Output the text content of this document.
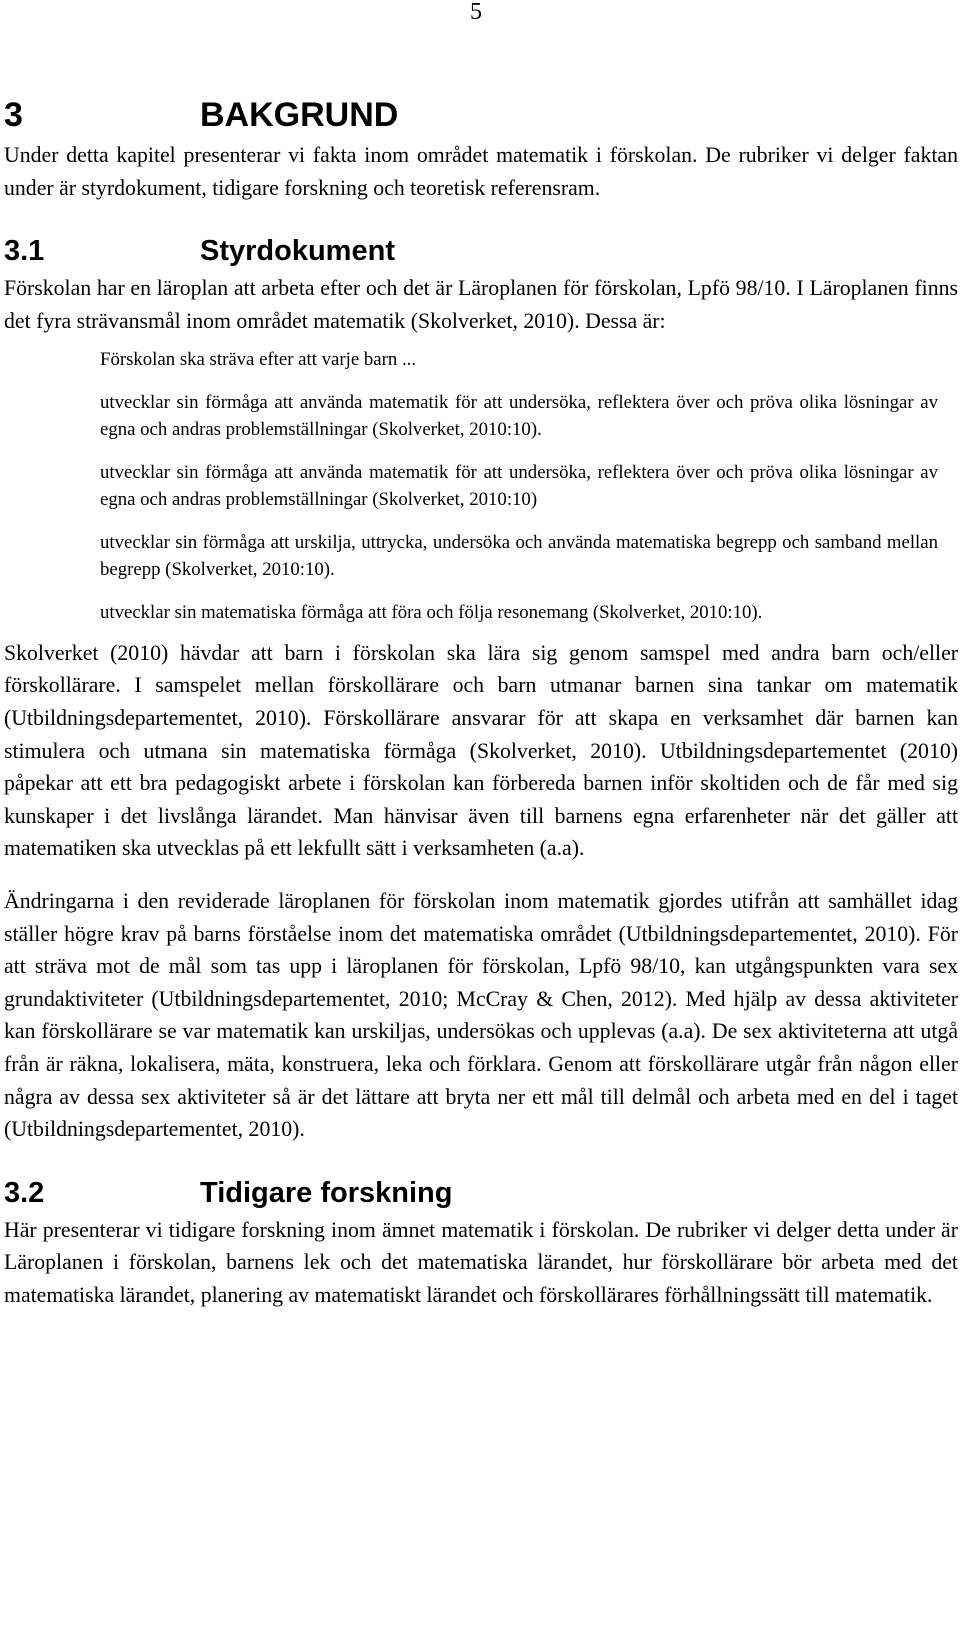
5
3	BAKGRUND

Under detta kapitel presenterar vi fakta inom området matematik i förskolan. De rubriker vi delger faktan under är styrdokument, tidigare forskning och teoretisk referensram.

3.1	Styrdokument

Förskolan har en läroplan att arbeta efter och det är Läroplanen för förskolan, Lpfö 98/10. I Läroplanen finns det fyra strävansmål inom området matematik (Skolverket, 2010). Dessa är:

Förskolan ska sträva efter att varje barn ...

utvecklar sin förmåga att använda matematik för att undersöka, reflektera över och pröva olika lösningar av egna och andras problemställningar (Skolverket, 2010:10).

utvecklar sin förmåga att använda matematik för att undersöka, reflektera över och pröva olika lösningar av egna och andras problemställningar (Skolverket, 2010:10)

utvecklar sin förmåga att urskilja, uttrycka, undersöka och använda matematiska begrepp och samband mellan begrepp (Skolverket, 2010:10).

utvecklar sin matematiska förmåga att föra och följa resonemang (Skolverket, 2010:10).

Skolverket (2010) hävdar att barn i förskolan ska lära sig genom samspel med andra barn och/eller förskollärare. I samspelet mellan förskollärare och barn utmanar barnen sina tankar om matematik (Utbildningsdepartementet, 2010). Förskollärare ansvarar för att skapa en verksamhet där barnen kan stimulera och utmana sin matematiska förmåga (Skolverket, 2010). Utbildningsdepartementet (2010) påpekar att ett bra pedagogiskt arbete i förskolan kan förbereda barnen inför skoltiden och de får med sig kunskaper i det livslånga lärandet. Man hänvisar även till barnens egna erfarenheter när det gäller att matematiken ska utvecklas på ett lekfullt sätt i verksamheten (a.a).

Ändringarna i den reviderade läroplanen för förskolan inom matematik gjordes utifrån att samhället idag ställer högre krav på barns förståelse inom det matematiska området (Utbildningsdepartementet, 2010). För att sträva mot de mål som tas upp i läroplanen för förskolan, Lpfö 98/10, kan utgångspunkten vara sex grundaktiviteter (Utbildningsdepartementet, 2010; McCray & Chen, 2012). Med hjälp av dessa aktiviteter kan förskollärare se var matematik kan urskiljas, undersökas och upplevas (a.a). De sex aktiviteterna att utgå från är räkna, lokalisera, mäta, konstruera, leka och förklara. Genom att förskollärare utgår från någon eller några av dessa sex aktiviteter så är det lättare att bryta ner ett mål till delmål och arbeta med en del i taget (Utbildningsdepartementet, 2010).

3.2	Tidigare forskning

Här presenterar vi tidigare forskning inom ämnet matematik i förskolan. De rubriker vi delger detta under är Läroplanen i förskolan, barnens lek och det matematiska lärandet, hur förskollärare bör arbeta med det matematiska lärandet, planering av matematiskt lärandet och förskollärares förhållningssätt till matematik.
